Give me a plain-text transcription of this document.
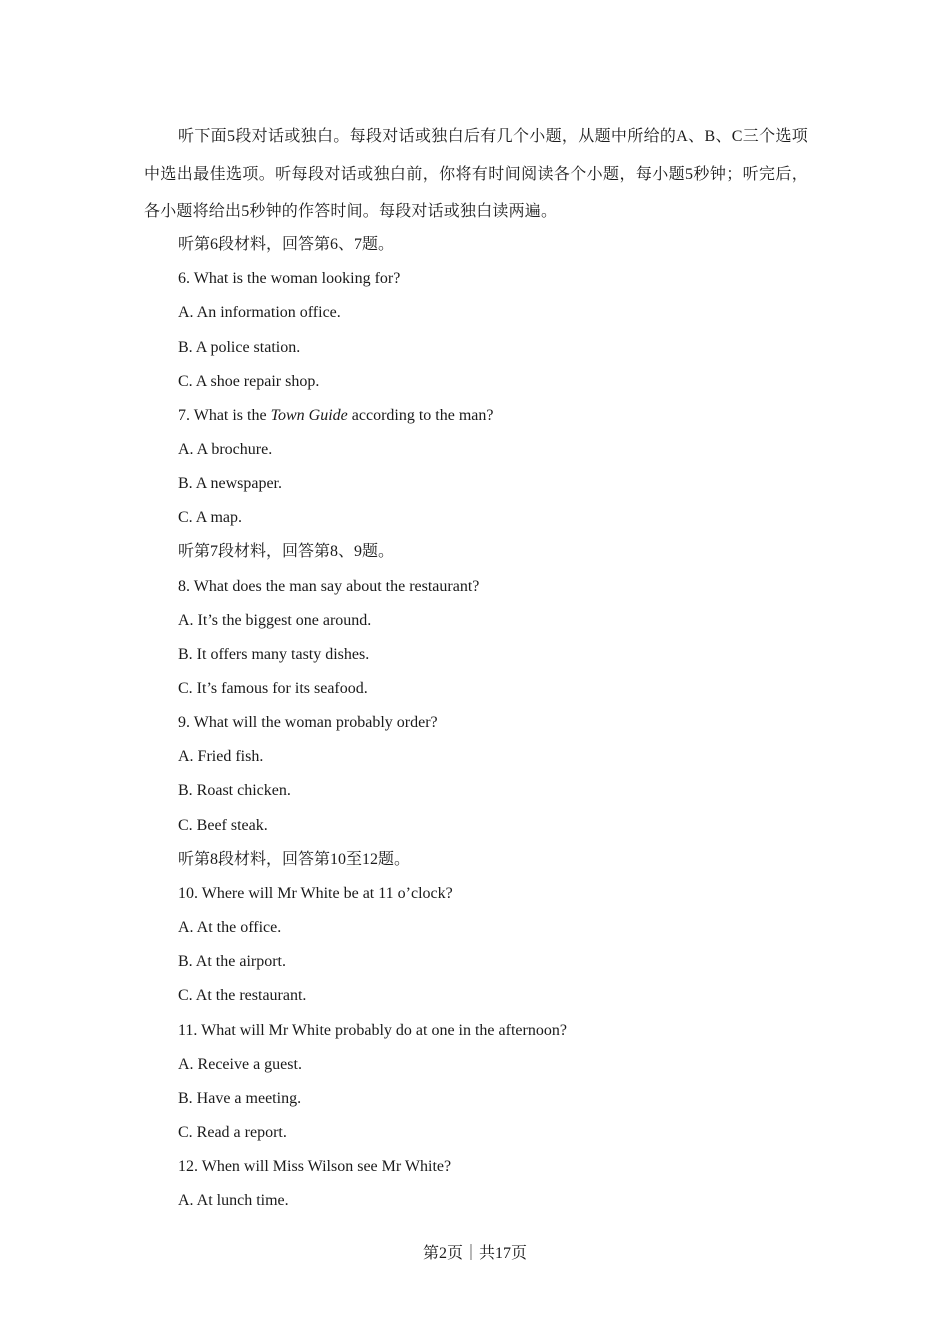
听下面5段对话或独白。每段对话或独白后有几个小题，从题中所给的A、B、C三个选项中选出最佳选项。听每段对话或独白前，你将有时间阅读各个小题，每小题5秒钟；听完后，各小题将给出5秒钟的作答时间。每段对话或独白读两遍。

听第6段材料，回答第6、7题。
6. What is the woman looking for?
A. An information office.
B. A police station.
C. A shoe repair shop.
7. What is the Town Guide according to the man?
A. A brochure.
B. A newspaper.
C. A map.
听第7段材料，回答第8、9题。
8. What does the man say about the restaurant?
A. It’s the biggest one around.
B. It offers many tasty dishes.
C. It’s famous for its seafood.
9. What will the woman probably order?
A. Fried fish.
B. Roast chicken.
C. Beef steak.
听第8段材料，回答第10至12题。
10. Where will Mr White be at 11 o’clock?
A. At the office.
B. At the airport.
C. At the restaurant.
11. What will Mr White probably do at one in the afternoon?
A. Receive a guest.
B. Have a meeting.
C. Read a report.
12. When will Miss Wilson see Mr White?
A. At lunch time.
第2页｜共17页
